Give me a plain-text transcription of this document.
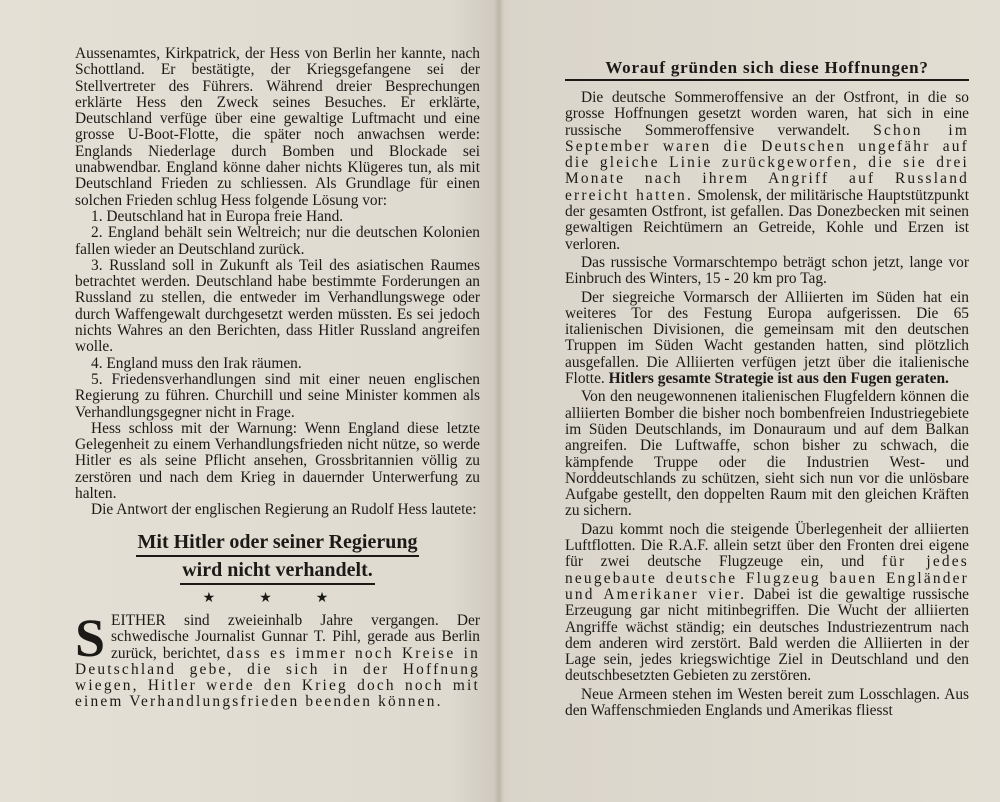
Aussenamtes, Kirkpatrick, der Hess von Berlin her kannte, nach Schottland. Er bestätigte, der Kriegsgefangene sei der Stellvertreter des Führers. Während dreier Besprechungen erklärte Hess den Zweck seines Besuches. Er erklärte, Deutschland verfüge über eine gewaltige Luftmacht und eine grosse U-Boot-Flotte, die später noch anwachsen werde: Englands Niederlage durch Bomben und Blockade sei unabwendbar. England könne daher nichts Klügeres tun, als mit Deutschland Frieden zu schliessen. Als Grundlage für einen solchen Frieden schlug Hess folgende Lösung vor:

1. Deutschland hat in Europa freie Hand.

2. England behält sein Weltreich; nur die deutschen Kolonien fallen wieder an Deutschland zurück.

3. Russland soll in Zukunft als Teil des asiatischen Raumes betrachtet werden. Deutschland habe bestimmte Forderungen an Russland zu stellen, die entweder im Verhandlungswege oder durch Waffengewalt durchgesetzt werden müssten. Es sei jedoch nichts Wahres an den Berichten, dass Hitler Russland angreifen wolle.

4. England muss den Irak räumen.

5. Friedensverhandlungen sind mit einer neuen englischen Regierung zu führen. Churchill und seine Minister kommen als Verhandlungsgegner nicht in Frage.

Hess schloss mit der Warnung: Wenn England diese letzte Gelegenheit zu einem Verhandlungsfrieden nicht nütze, so werde Hitler es als seine Pflicht ansehen, Grossbritannien völlig zu zerstören und nach dem Krieg in dauernder Unterwerfung zu halten.

Die Antwort der englischen Regierung an Rudolf Hess lautete:

Mit Hitler oder seiner Regierung
wird nicht verhandelt.
★★★

S EITHER sind zweieinhalb Jahre vergangen. Der schwedische Journalist Gunnar T. Pihl, gerade aus Berlin zurück, berichtet, dass es immer noch Kreise in Deutschland gebe, die sich in der Hoffnung wiegen, Hitler werde den Krieg doch noch mit einem Verhandlungsfrieden beenden können.

Worauf gründen sich diese Hoffnungen?

Die deutsche Sommeroffensive an der Ostfront, in die so grosse Hoffnungen gesetzt worden waren, hat sich in eine russische Sommeroffensive verwandelt. Schon im September waren die Deutschen ungefähr auf die gleiche Linie zurückgeworfen, die sie drei Monate nach ihrem Angriff auf Russland erreicht hatten. Smolensk, der militärische Hauptstützpunkt der gesamten Ostfront, ist gefallen. Das Donezbecken mit seinen gewaltigen Reichtümern an Getreide, Kohle und Erzen ist verloren.

Das russische Vormarschtempo beträgt schon jetzt, lange vor Einbruch des Winters, 15 - 20 km pro Tag.

Der siegreiche Vormarsch der Alliierten im Süden hat ein weiteres Tor des Festung Europa aufgerissen. Die 65 italienischen Divisionen, die gemeinsam mit den deutschen Truppen im Süden Wacht gestanden hatten, sind plötzlich ausgefallen. Die Alliierten verfügen jetzt über die italienische Flotte. Hitlers gesamte Strategie ist aus den Fugen geraten.

Von den neugewonnenen italienischen Flugfeldern können die alliierten Bomber die bisher noch bombenfreien Industriegebiete im Süden Deutschlands, im Donauraum und auf dem Balkan angreifen. Die Luftwaffe, schon bisher zu schwach, die kämpfende Truppe oder die Industrien West- und Norddeutschlands zu schützen, sieht sich nun vor die unlösbare Aufgabe gestellt, den doppelten Raum mit den gleichen Kräften zu sichern.

Dazu kommt noch die steigende Überlegenheit der alliierten Luftflotten. Die R.A.F. allein setzt über den Fronten drei eigene für zwei deutsche Flugzeuge ein, und für jedes neugebaute deutsche Flugzeug bauen Engländer und Amerikaner vier. Dabei ist die gewaltige russische Erzeugung gar nicht mitinbegriffen. Die Wucht der alliierten Angriffe wächst ständig; ein deutsches Industriezentrum nach dem anderen wird zerstört. Bald werden die Alliierten in der Lage sein, jedes kriegswichtige Ziel in Deutschland und den deutschbesetzten Gebieten zu zerstören.

Neue Armeen stehen im Westen bereit zum Losschlagen. Aus den Waffenschmieden Englands und Amerikas fliesst
